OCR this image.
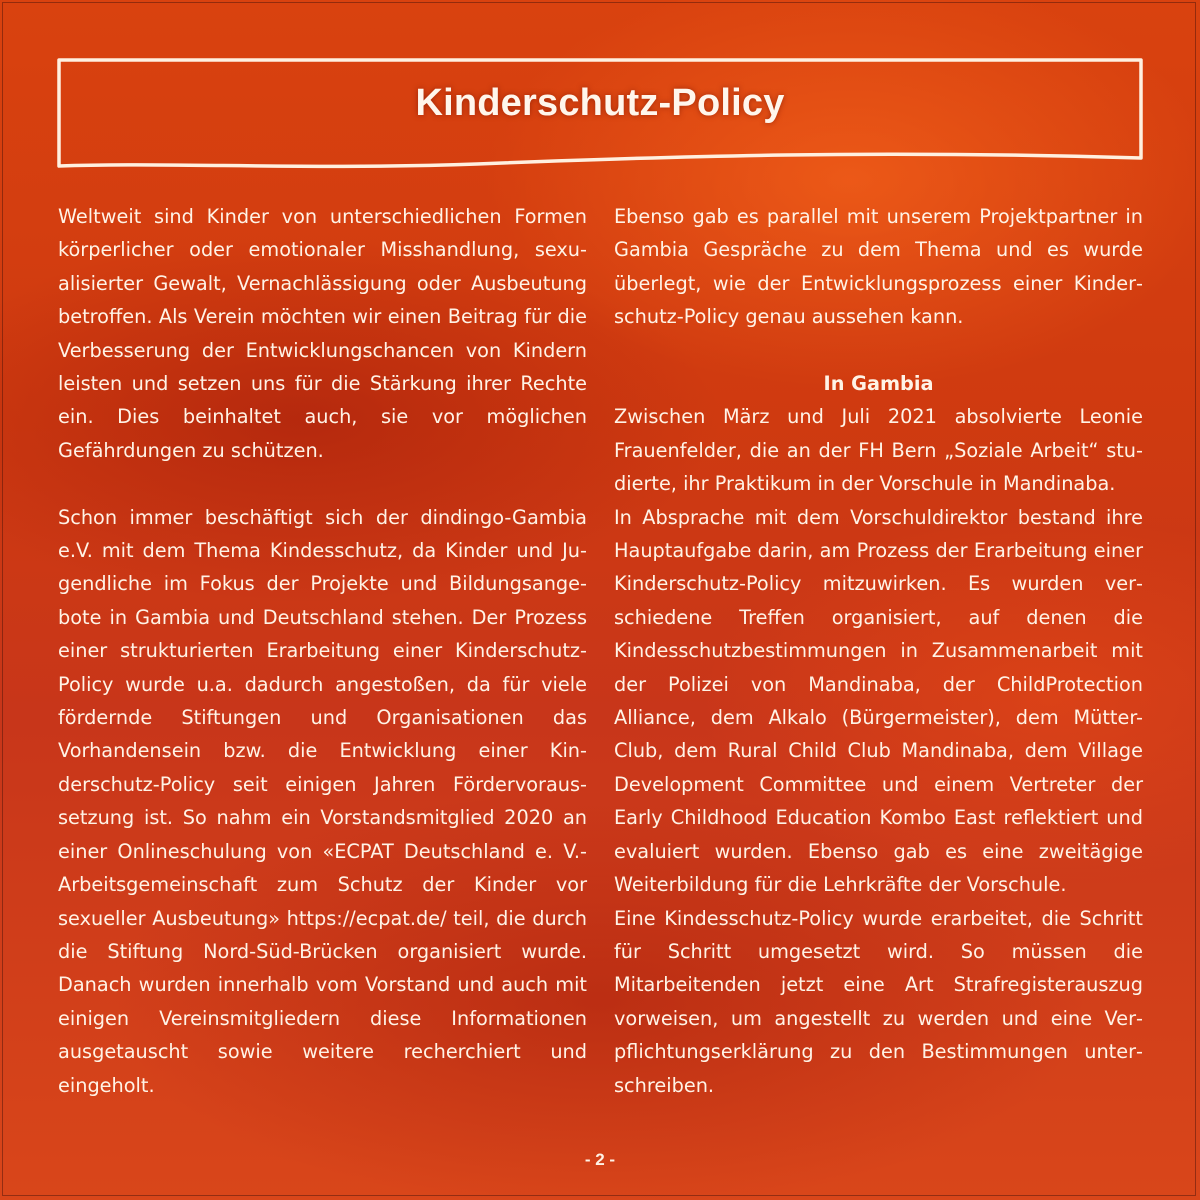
Kinderschutz-Policy

Weltweit sind Kinder von unterschiedlichen Formen körperlicher oder emotionaler Misshandlung, sexualisierter Gewalt, Vernachlässigung oder Ausbeutung betroffen. Als Verein möchten wir einen Beitrag für die Verbesserung der Entwicklungschancen von Kindern leisten und setzen uns für die Stärkung ihrer Rechte ein. Dies beinhaltet auch, sie vor möglichen Gefährdungen zu schützen.

Schon immer beschäftigt sich der dindingo-Gambia e.V. mit dem Thema Kindesschutz, da Kinder und Jugendliche im Fokus der Projekte und Bildungsangebote in Gambia und Deutschland stehen. Der Prozess einer strukturierten Erarbeitung einer Kinderschutz-Policy wurde u.a. dadurch angestoßen, da für viele fördernde Stiftungen und Organisationen das Vorhandensein bzw. die Entwicklung einer Kinderschutz-Policy seit einigen Jahren Fördervoraussetzung ist. So nahm ein Vorstandsmitglied 2020 an einer Onlineschulung von «ECPAT Deutschland e. V.-Arbeitsgemeinschaft zum Schutz der Kinder vor sexueller Ausbeutung» https://ecpat.de/ teil, die durch die Stiftung Nord-Süd-Brücken organisiert wurde. Danach wurden innerhalb vom Vorstand und auch mit einigen Vereinsmitgliedern diese Informationen ausgetauscht sowie weitere recherchiert und eingeholt.

Ebenso gab es parallel mit unserem Projektpartner in Gambia Gespräche zu dem Thema und es wurde überlegt, wie der Entwicklungsprozess einer Kinderschutz-Policy genau aussehen kann.

In Gambia

Zwischen März und Juli 2021 absolvierte Leonie Frauenfelder, die an der FH Bern „Soziale Arbeit“ studierte, ihr Praktikum in der Vorschule in Mandinaba.

In Absprache mit dem Vorschuldirektor bestand ihre Hauptaufgabe darin, am Prozess der Erarbeitung einer Kinderschutz-Policy mitzuwirken. Es wurden verschiedene Treffen organisiert, auf denen die Kindesschutzbestimmungen in Zusammenarbeit mit der Polizei von Mandinaba, der ChildProtection Alliance, dem Alkalo (Bürgermeister), dem Mütter-Club, dem Rural Child Club Mandinaba, dem Village Development Committee und einem Vertreter der Early Childhood Education Kombo East reflektiert und evaluiert wurden. Ebenso gab es eine zweitägige Weiterbildung für die Lehrkräfte der Vorschule.

Eine Kindesschutz-Policy wurde erarbeitet, die Schritt für Schritt umgesetzt wird. So müssen die Mitarbeitenden jetzt eine Art Strafregisterauszug vorweisen, um angestellt zu werden und eine Verpflichtungserklärung zu den Bestimmungen unterschreiben.

- 2 -
